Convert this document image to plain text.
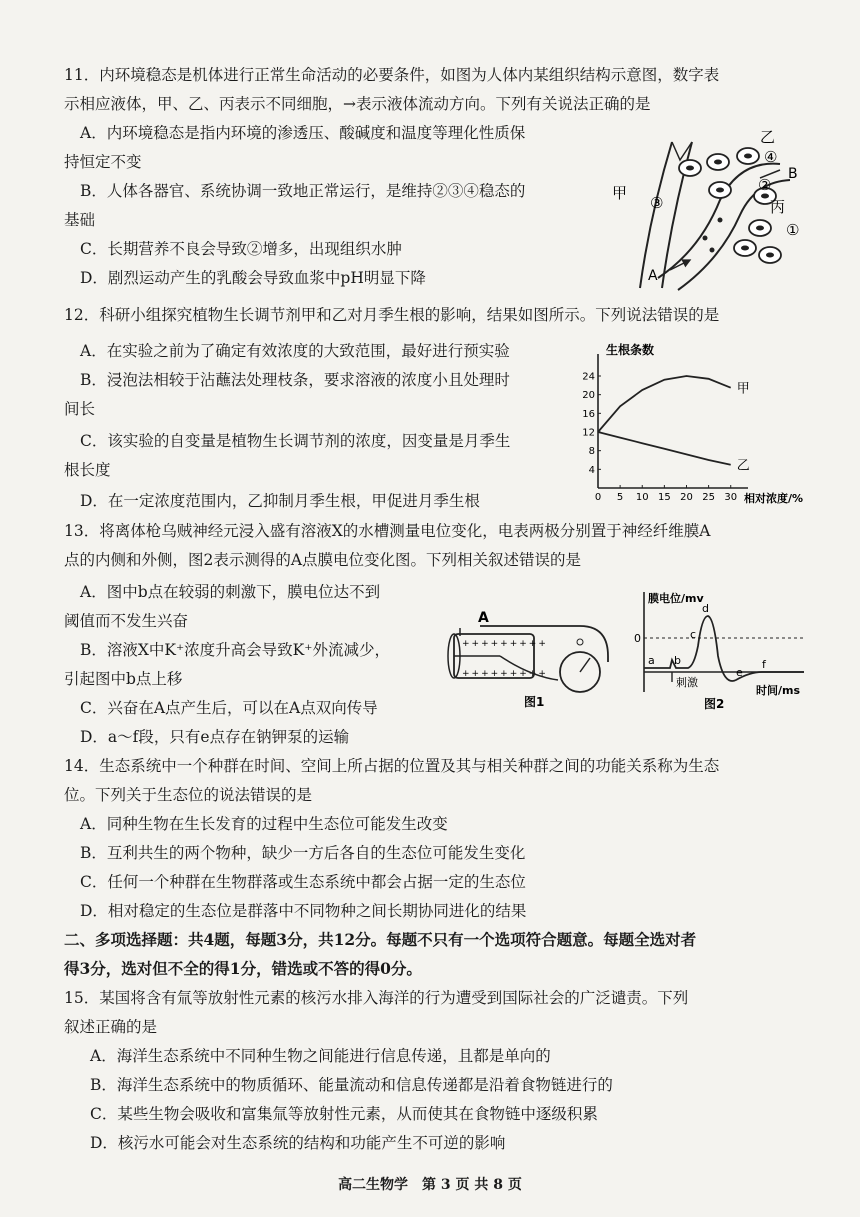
11．内环境稳态是机体进行正常生命活动的必要条件，如图为人体内某组织结构示意图，数字表
示相应液体，甲、乙、丙表示不同细胞，→表示液体流动方向。下列有关说法正确的是
A．内环境稳态是指内环境的渗透压、酸碱度和温度等理化性质保
持恒定不变
B．人体各器官、系统协调一致地正常运行，是维持②③④稳态的
基础
C．长期营养不良会导致②增多，出现组织水肿
D．剧烈运动产生的乳酸会导致血浆中pH明显下降
乙
④
B
②
甲
③	丙
①
A
12．科研小组探究植物生长调节剂甲和乙对月季生根的影响，结果如图所示。下列说法错误的是
A．在实验之前为了确定有效浓度的大致范围，最好进行预实验
B．浸泡法相较于沾蘸法处理枝条，要求溶液的浓度小且处理时
间长
C．该实验的自变量是植物生长调节剂的浓度，因变量是月季生
根长度
D．在一定浓度范围内，乙抑制月季生根，甲促进月季生根	0 5 10 15 20 25 30
4
8
12
16
20
24
甲
乙
生根条数
相对浓度/%
13．将离体枪乌贼神经元浸入盛有溶液X的水槽测量电位变化，电表两极分别置于神经纤维膜A
点的内侧和外侧，图2表示测得的A点膜电位变化图。下列相关叙述错误的是
A．图中b点在较弱的刺激下，膜电位达不到
阈值而不发生兴奋
B．溶液X中K⁺浓度升高会导致K⁺外流减少，
引起图中b点上移
C．兴奋在A点产生后，可以在A点双向传导
D．a～f段，只有e点存在钠钾泵的运输
A
+++++++++
+++++++++
图1
膜电位/mv
0
a b
c
d
e
f
刺激
时间/ms
图2
14．生态系统中一个种群在时间、空间上所占据的位置及其与相关种群之间的功能关系称为生态
位。下列关于生态位的说法错误的是
A．同种生物在生长发育的过程中生态位可能发生改变
B．互利共生的两个物种，缺少一方后各自的生态位可能发生变化
C．任何一个种群在生物群落或生态系统中都会占据一定的生态位
D．相对稳定的生态位是群落中不同物种之间长期协同进化的结果
二、多项选择题：共4题，每题3分，共12分。每题不只有一个选项符合题意。每题全选对者
得3分，选对但不全的得1分，错选或不答的得0分。
15．某国将含有氚等放射性元素的核污水排入海洋的行为遭受到国际社会的广泛谴责。下列
叙述正确的是
A．海洋生态系统中不同种生物之间能进行信息传递，且都是单向的
B．海洋生态系统中的物质循环、能量流动和信息传递都是沿着食物链进行的
C．某些生物会吸收和富集氚等放射性元素，从而使其在食物链中逐级积累
D．核污水可能会对生态系统的结构和功能产生不可逆的影响
高二生物学　第 3 页 共 8 页
